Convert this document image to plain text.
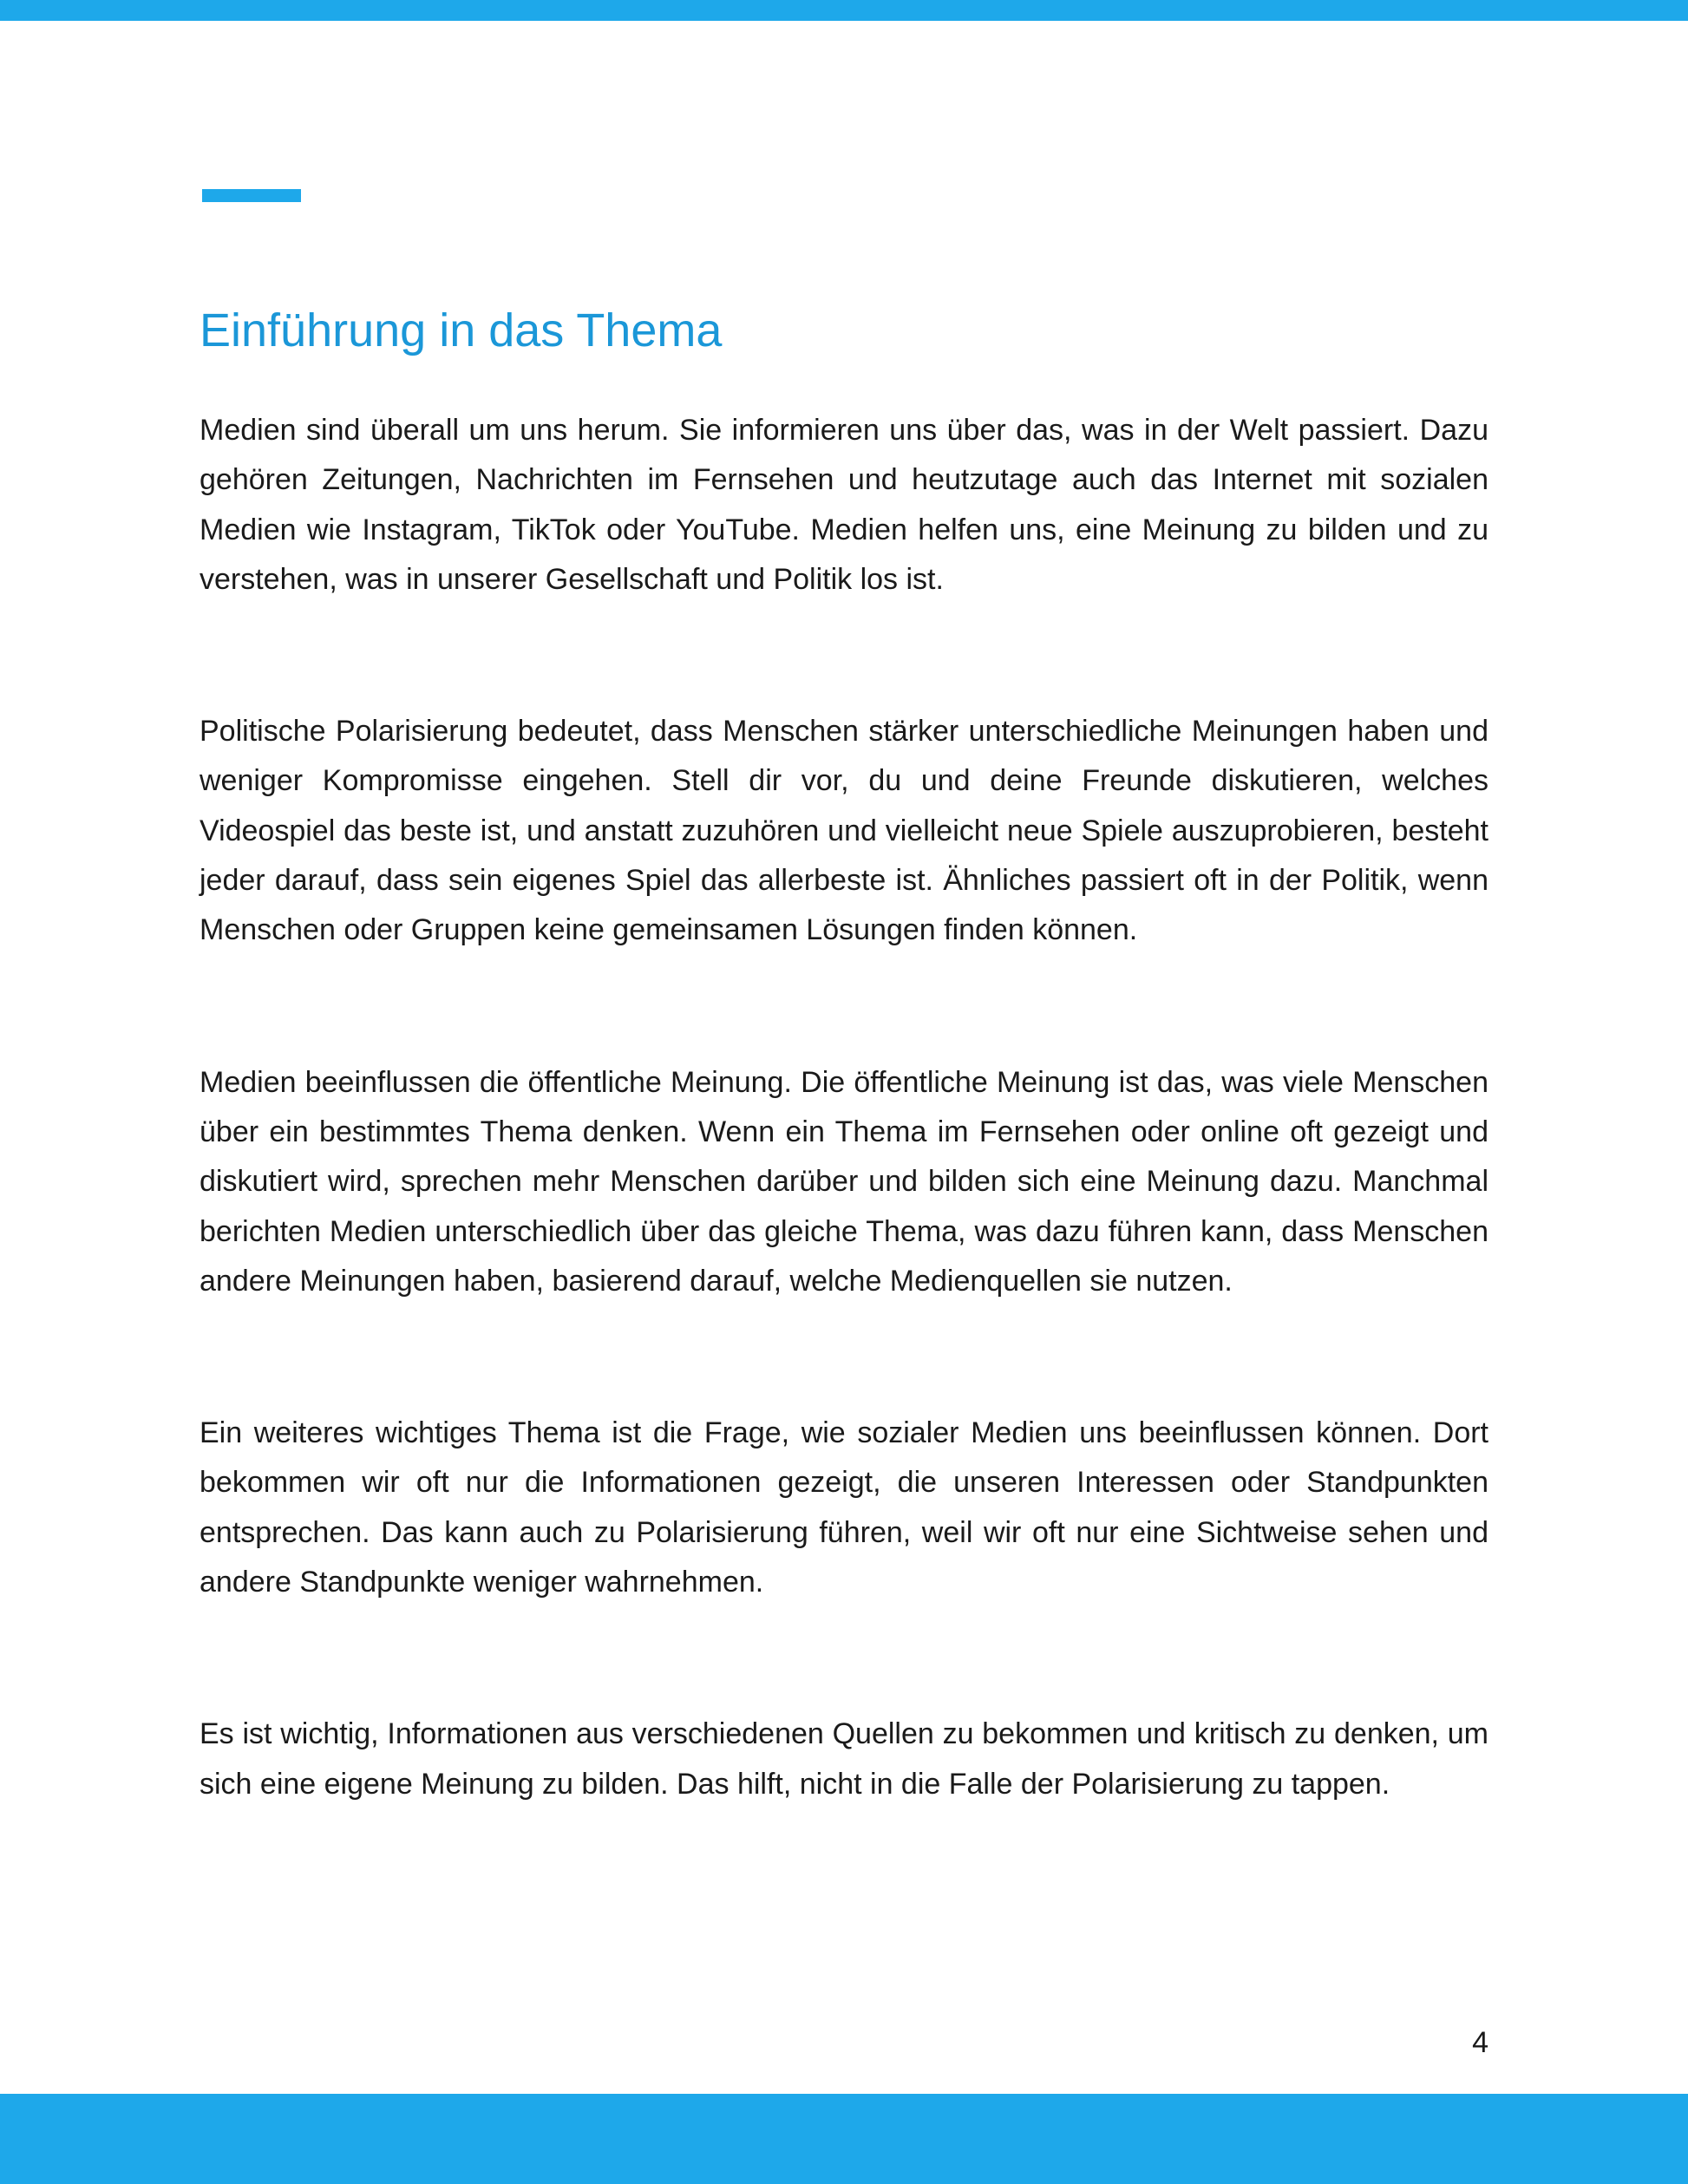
Einführung in das Thema

Medien sind überall um uns herum. Sie informieren uns über das, was in der Welt passiert. Dazu gehören Zeitungen, Nachrichten im Fernsehen und heutzutage auch das Internet mit sozialen Medien wie Instagram, TikTok oder YouTube. Medien helfen uns, eine Meinung zu bilden und zu verstehen, was in unserer Gesellschaft und Politik los ist.

Politische Polarisierung bedeutet, dass Menschen stärker unterschiedliche Meinungen haben und weniger Kompromisse eingehen. Stell dir vor, du und deine Freunde diskutieren, welches Videospiel das beste ist, und anstatt zuzuhören und vielleicht neue Spiele auszuprobieren, besteht jeder darauf, dass sein eigenes Spiel das allerbeste ist. Ähnliches passiert oft in der Politik, wenn Menschen oder Gruppen keine gemeinsamen Lösungen finden können.

Medien beeinflussen die öffentliche Meinung. Die öffentliche Meinung ist das, was viele Menschen über ein bestimmtes Thema denken. Wenn ein Thema im Fernsehen oder online oft gezeigt und diskutiert wird, sprechen mehr Menschen darüber und bilden sich eine Meinung dazu. Manchmal berichten Medien unterschiedlich über das gleiche Thema, was dazu führen kann, dass Menschen andere Meinungen haben, basierend darauf, welche Medienquellen sie nutzen.

Ein weiteres wichtiges Thema ist die Frage, wie sozialer Medien uns beeinflussen können. Dort bekommen wir oft nur die Informationen gezeigt, die unseren Interessen oder Standpunkten entsprechen. Das kann auch zu Polarisierung führen, weil wir oft nur eine Sichtweise sehen und andere Standpunkte weniger wahrnehmen.

Es ist wichtig, Informationen aus verschiedenen Quellen zu bekommen und kritisch zu denken, um sich eine eigene Meinung zu bilden. Das hilft, nicht in die Falle der Polarisierung zu tappen.

4
